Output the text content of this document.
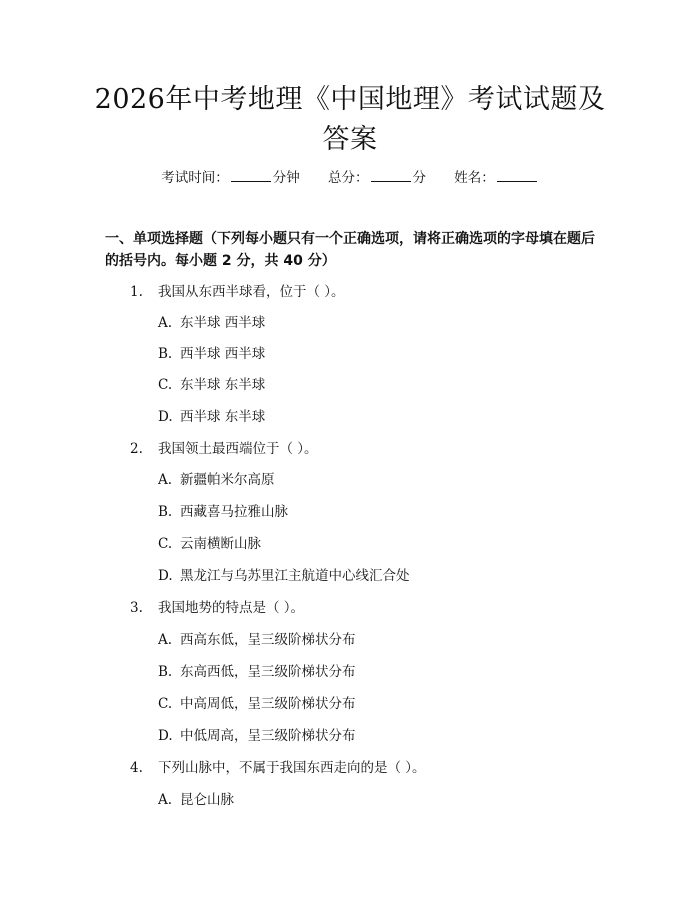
2026年中考地理《中国地理》考试试题及答案
考试时间：	分钟 总分：	分 姓名：
一、单项选择题（下列每小题只有一个正确选项，请将正确选项的字母填在题后的括号内。每小题 2 分，共 40 分）
1. 我国从东西半球看，位于（ ）。
A. 东半球 西半球
B. 西半球 西半球
C. 东半球 东半球
D. 西半球 东半球
2. 我国领土最西端位于（ ）。
A. 新疆帕米尔高原
B. 西藏喜马拉雅山脉
C. 云南横断山脉
D. 黑龙江与乌苏里江主航道中心线汇合处
3. 我国地势的特点是（ ）。
A. 西高东低，呈三级阶梯状分布
B. 东高西低，呈三级阶梯状分布
C. 中高周低，呈三级阶梯状分布
D. 中低周高，呈三级阶梯状分布
4. 下列山脉中，不属于我国东西走向的是（ ）。
A. 昆仑山脉
